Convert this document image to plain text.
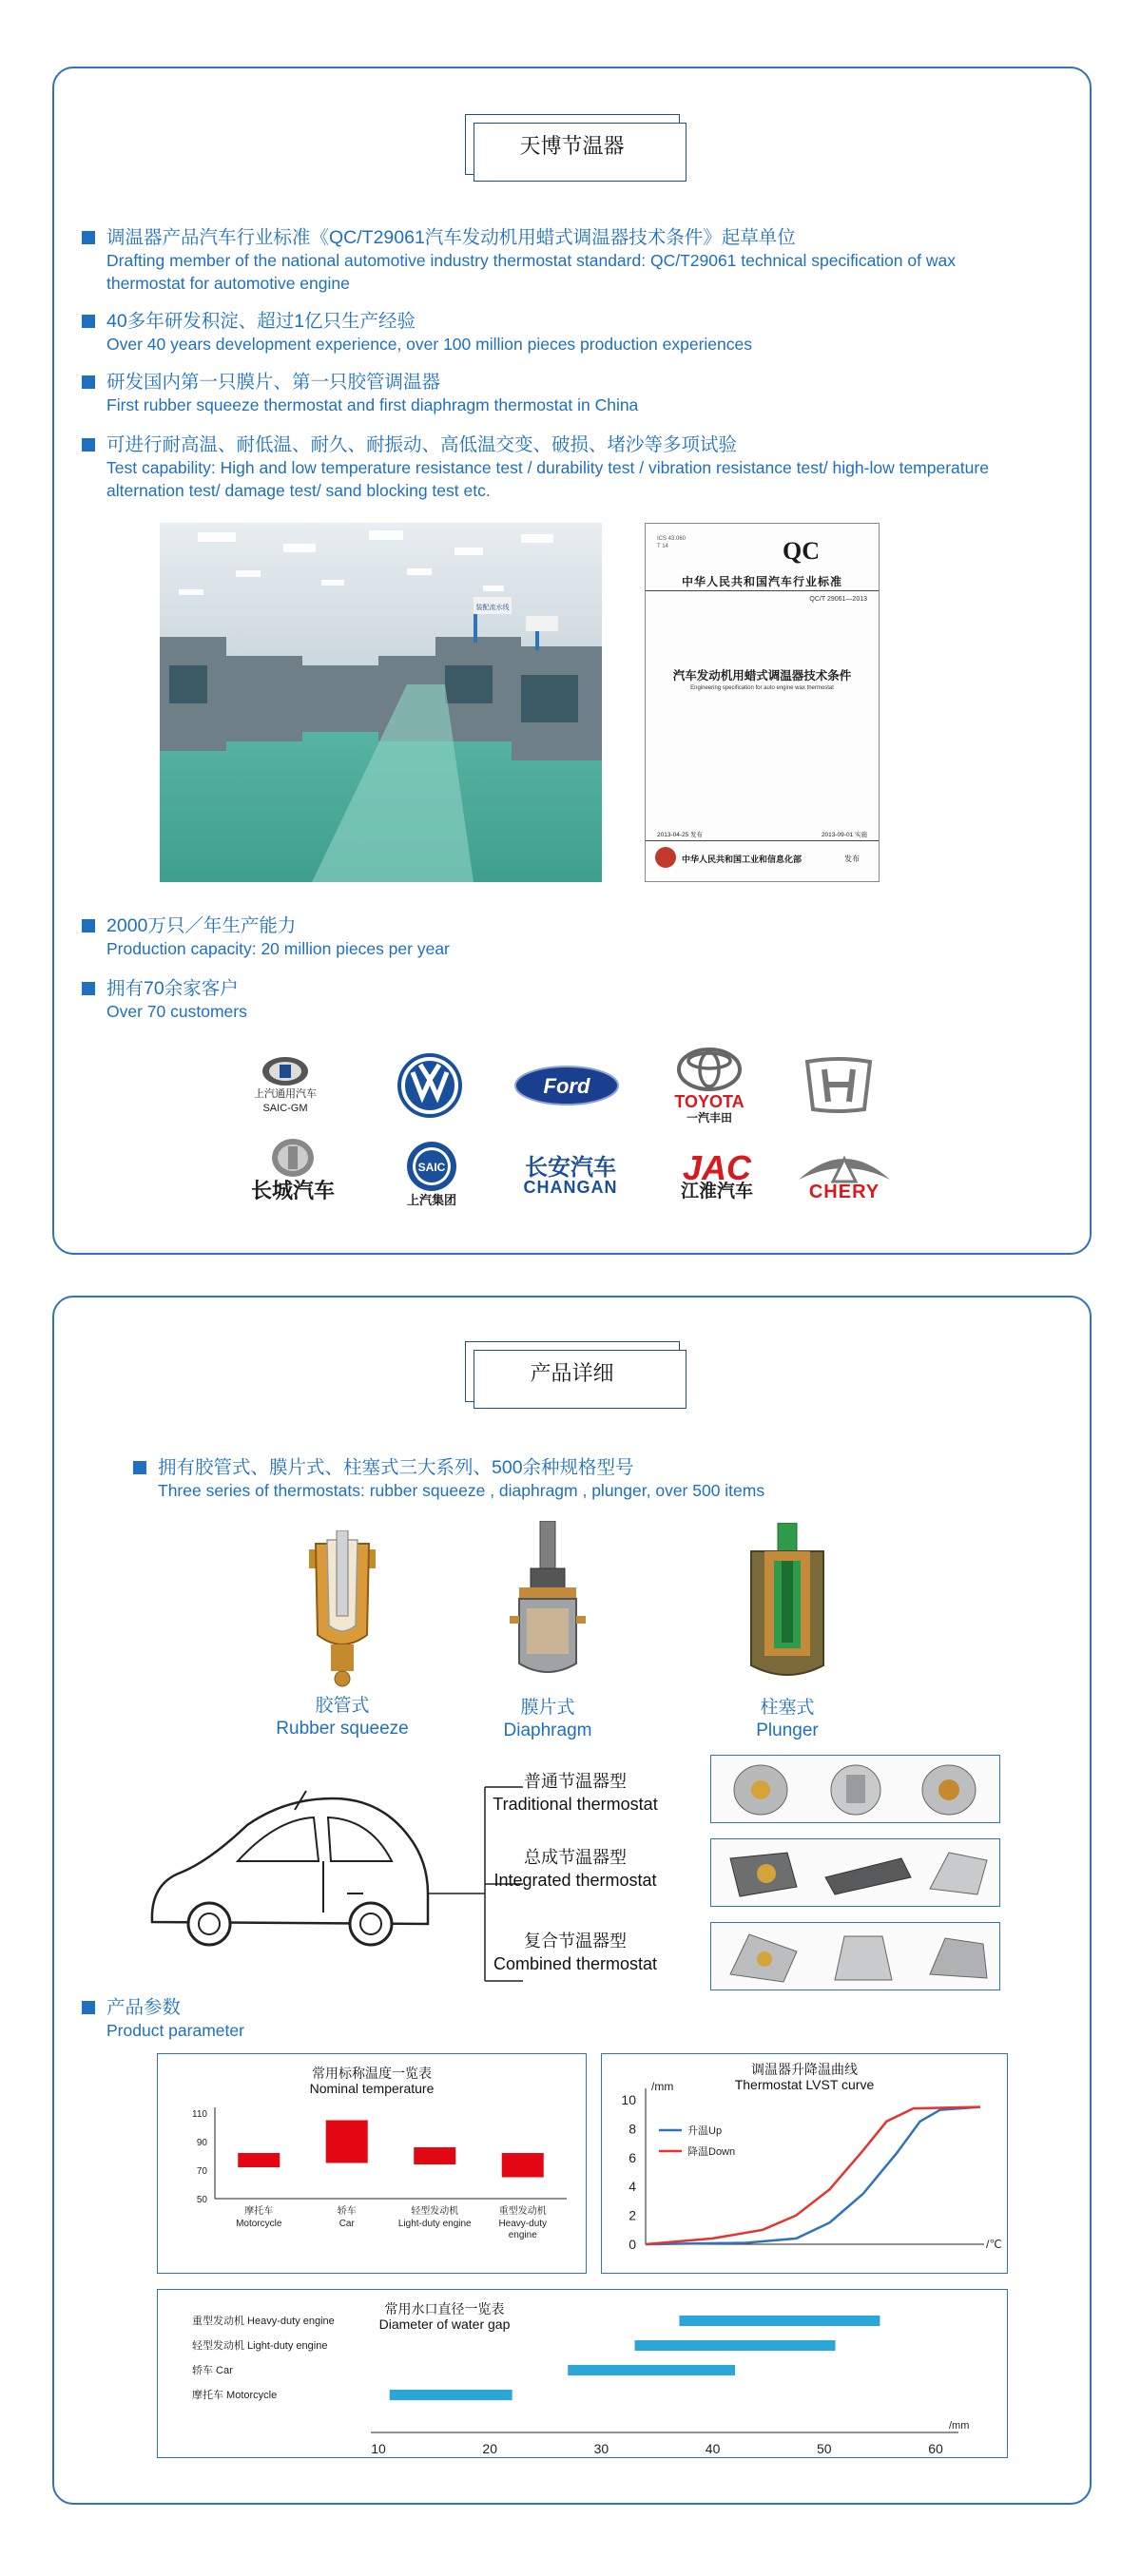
天博节温器
调温器产品汽车行业标准《QC/T29061汽车发动机用蜡式调温器技术条件》起草单位
Drafting member of the national automotive industry thermostat standard: QC/T29061 technical specification of wax thermostat for automotive engine
40多年研发积淀、超过1亿只生产经验
Over 40 years development experience, over 100 million pieces production experiences
研发国内第一只膜片、第一只胶管调温器
First rubber squeeze thermostat and first diaphragm thermostat in China
可进行耐高温、耐低温、耐久、耐振动、高低温交变、破损、堵沙等多项试验
Test capability: High and low temperature resistance test / durability test / vibration resistance test/ high-low temperature alternation test/ damage test/ sand blocking test etc.
装配流水线
ICS 43.060
T 14	QC
中华人民共和国汽车行业标准
QC/T 29061—2013
汽车发动机用蜡式调温器技术条件
Engineering specification for auto engine wax thermostat
2013-04-25 发布	2013-09-01 实施
中华人民共和国工业和信息化部	发布
2000万只／年生产能力
Production capacity: 20 million pieces per year
拥有70余家客户
Over 70 customers
上汽通用汽车
SAIC-GM
Ford
TOYOTA
一汽丰田
长城汽车
SAIC
上汽集团
长安汽车
CHANGAN JAC
江淮汽车	CHERY
产品详细
拥有胶管式、膜片式、柱塞式三大系列、500余种规格型号
Three series of thermostats: rubber squeeze , diaphragm , plunger, over 500 items
胶管式
Rubber squeeze
膜片式
Diaphragm
柱塞式
Plunger
普通节温器型
Traditional thermostat
总成节温器型
Integrated thermostat
复合节温器型
Combined thermostat
产品参数
Product parameter
常用标称温度一览表
Nominal temperature
110
90
70
50
摩托车
Motorcycle
轿车
Car
轻型发动机
Light-duty engine
重型发动机
Heavy-duty
engine
调温器升降温曲线
Thermostat LVST curve
0
2
4
6
8
10
/mm
/℃
升温Up
降温Down
常用水口直径一览表
Diameter of water gap
10	20	30	40	50	60
/mm
重型发动机 Heavy-duty engine
轻型发动机 Light-duty engine
轿车 Car
摩托车 Motorcycle
